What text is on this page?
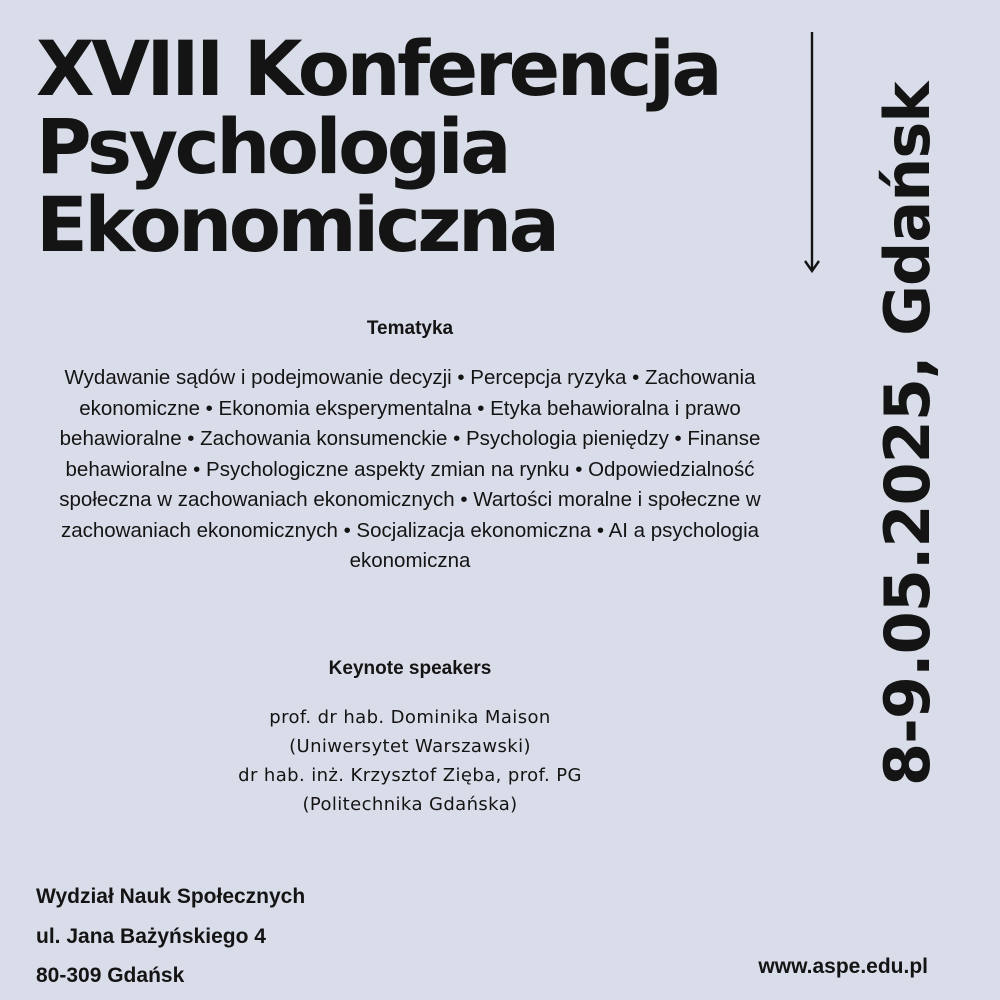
XVIII Konferencja
Psychologia
Ekonomiczna	8-9.05.2025, Gdańsk
Tematyka
Wydawanie sądów i podejmowanie decyzji • Percepcja ryzyka • Zachowania ekonomiczne • Ekonomia eksperymentalna • Etyka behawioralna i prawo behawioralne • Zachowania konsumenckie • Psychologia pieniędzy • Finanse behawioralne • Psychologiczne aspekty zmian na rynku • Odpowiedzialność społeczna w zachowaniach ekonomicznych • Wartości moralne i społeczne w zachowaniach ekonomicznych • Socjalizacja ekonomiczna • AI a psychologia ekonomiczna
Keynote speakers
prof. dr hab. Dominika Maison
(Uniwersytet Warszawski)
dr hab. inż. Krzysztof Zięba, prof. PG
(Politechnika Gdańska)
Wydział Nauk Społecznych
ul. Jana Bażyńskiego 4
80-309 Gdańsk	www.aspe.edu.pl
